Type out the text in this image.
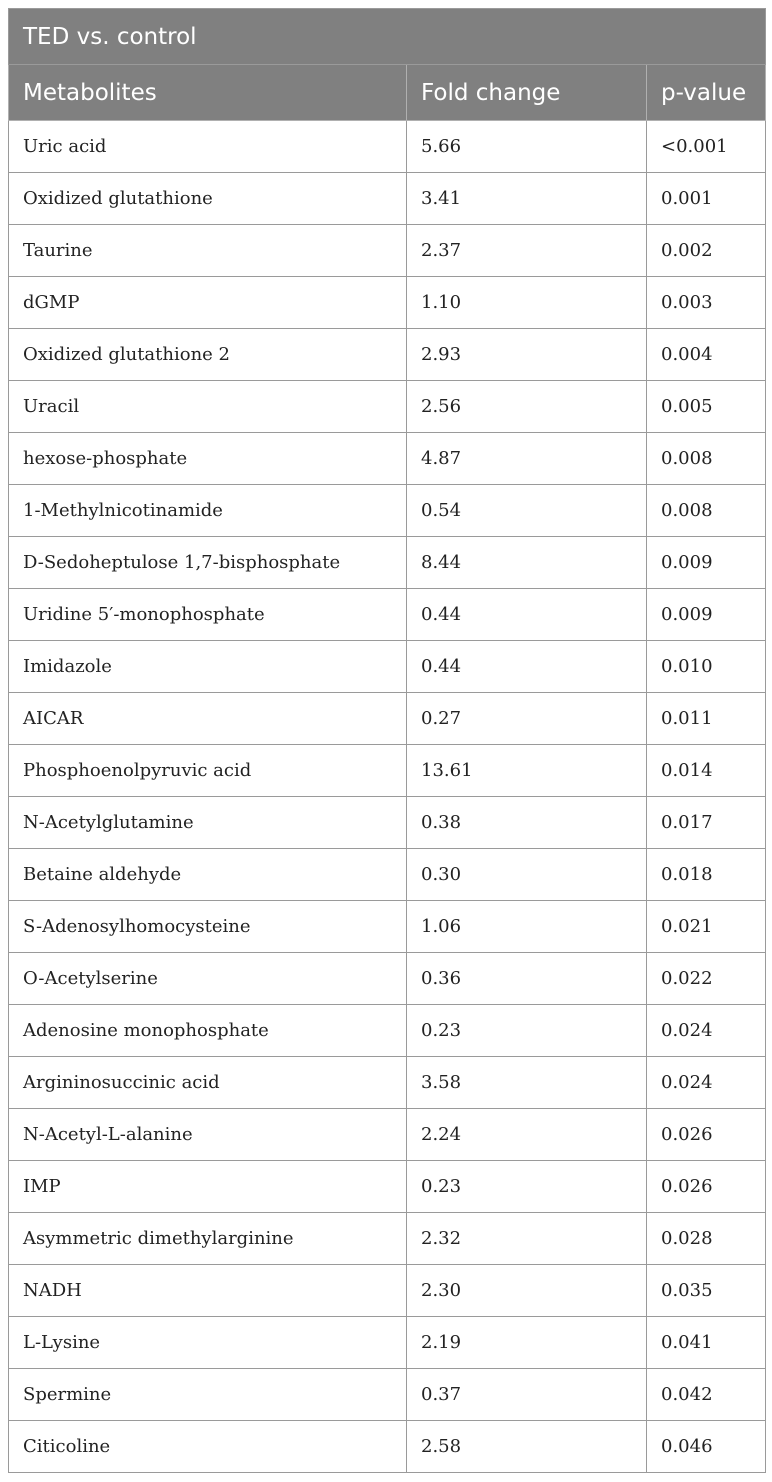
TED vs. control		
Metabolites	Fold change	p-value
Uric acid	5.66	<0.001
Oxidized glutathione	3.41	0.001
Taurine	2.37	0.002
dGMP	1.10	0.003
Oxidized glutathione 2	2.93	0.004
Uracil	2.56	0.005
hexose-phosphate	4.87	0.008
1-Methylnicotinamide	0.54	0.008
D-Sedoheptulose 1,7-bisphosphate	8.44	0.009
Uridine 5′-monophosphate	0.44	0.009
Imidazole	0.44	0.010
AICAR	0.27	0.011
Phosphoenolpyruvic acid	13.61	0.014
N-Acetylglutamine	0.38	0.017
Betaine aldehyde	0.30	0.018
S-Adenosylhomocysteine	1.06	0.021
O-Acetylserine	0.36	0.022
Adenosine monophosphate	0.23	0.024
Argininosuccinic acid	3.58	0.024
N-Acetyl-L-alanine	2.24	0.026
IMP	0.23	0.026
Asymmetric dimethylarginine	2.32	0.028
NADH	2.30	0.035
L-Lysine	2.19	0.041
Spermine	0.37	0.042
Citicoline	2.58	0.046
